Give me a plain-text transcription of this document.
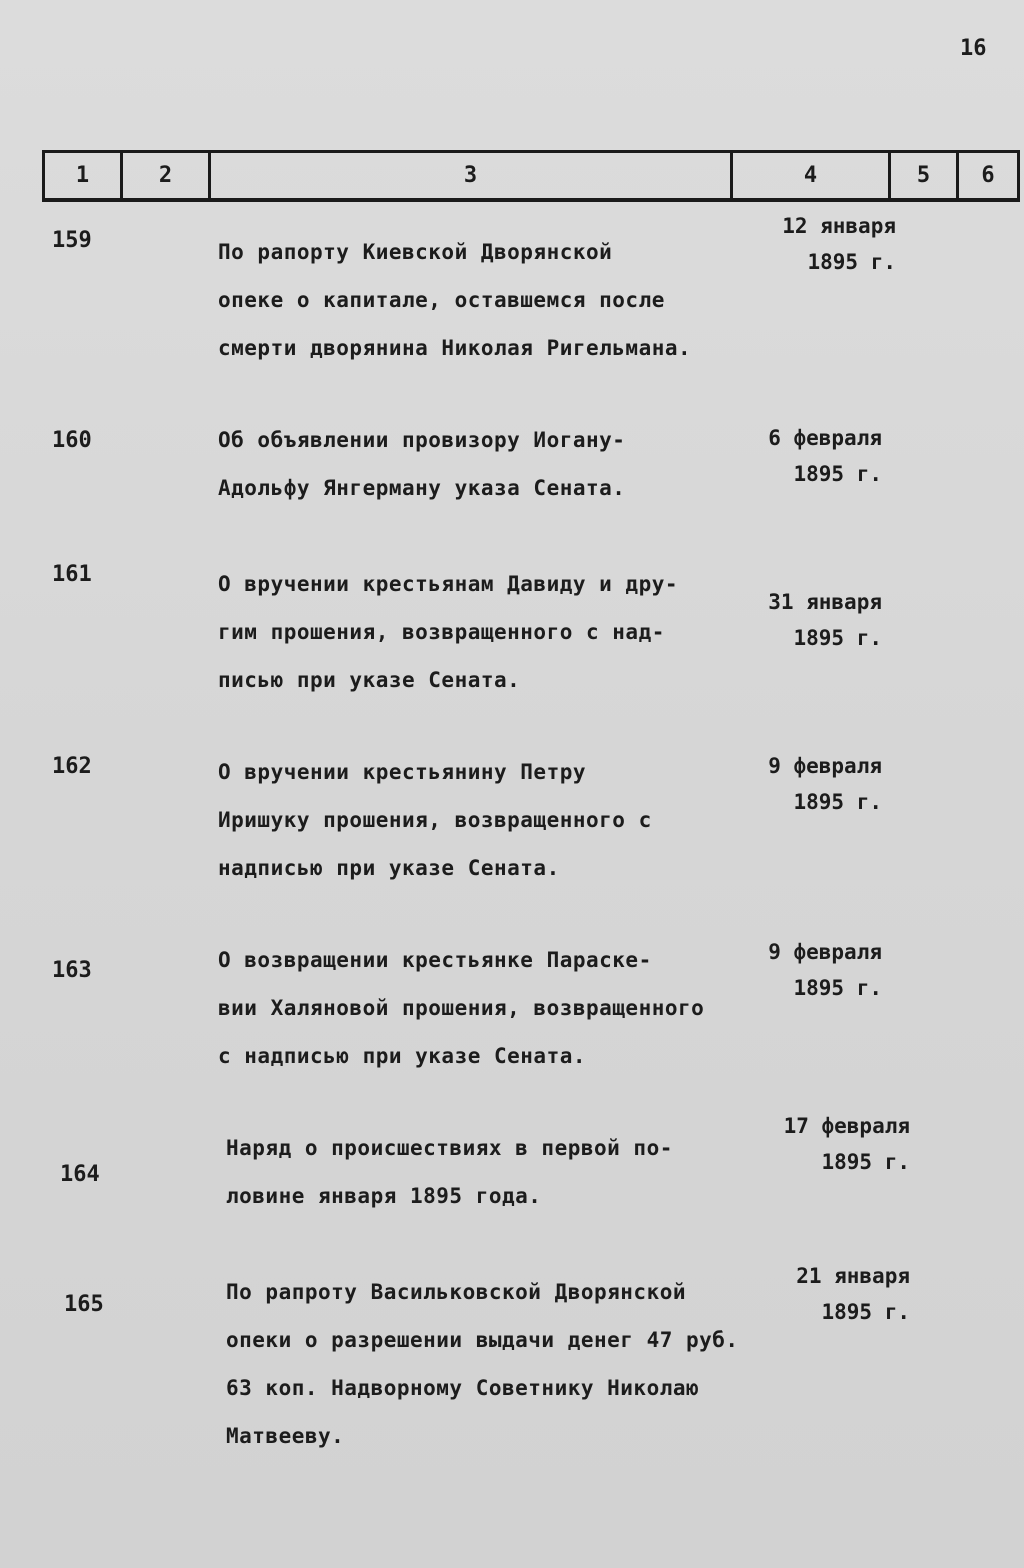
16
1	2	3	4	5	6
159	По рапорту Киевской Дворянской
опеке о капитале, оставшемся после
смерти дворянина Николая Ригельмана.
12 января
1895 г.
160	Об объявлении провизору Иогану-
Адольфу Янгерману указа Сената.
6 февраля
1895 г.
161	О вручении крестьянам Давиду и дру-
гим прошения, возвращенного с над-
писью при указе Сената.
31 января
1895 г.
162	О вручении крестьянину Петру
Иришуку прошения, возвращенного с
надписью при указе Сената.
9 февраля
1895 г.
163	О возвращении крестьянке Параске-
вии Халяновой прошения, возвращенного
с надписью при указе Сената.
9 февраля
1895 г.
164
Наряд о происшествиях в первой по-
ловине января 1895 года.
17 февраля
1895 г.
165	По рапроту Васильковской Дворянской
опеки о разрешении выдачи денег 47 руб.
63 коп. Надворному Советнику Николаю
Матвееву.
21 января
1895 г.
